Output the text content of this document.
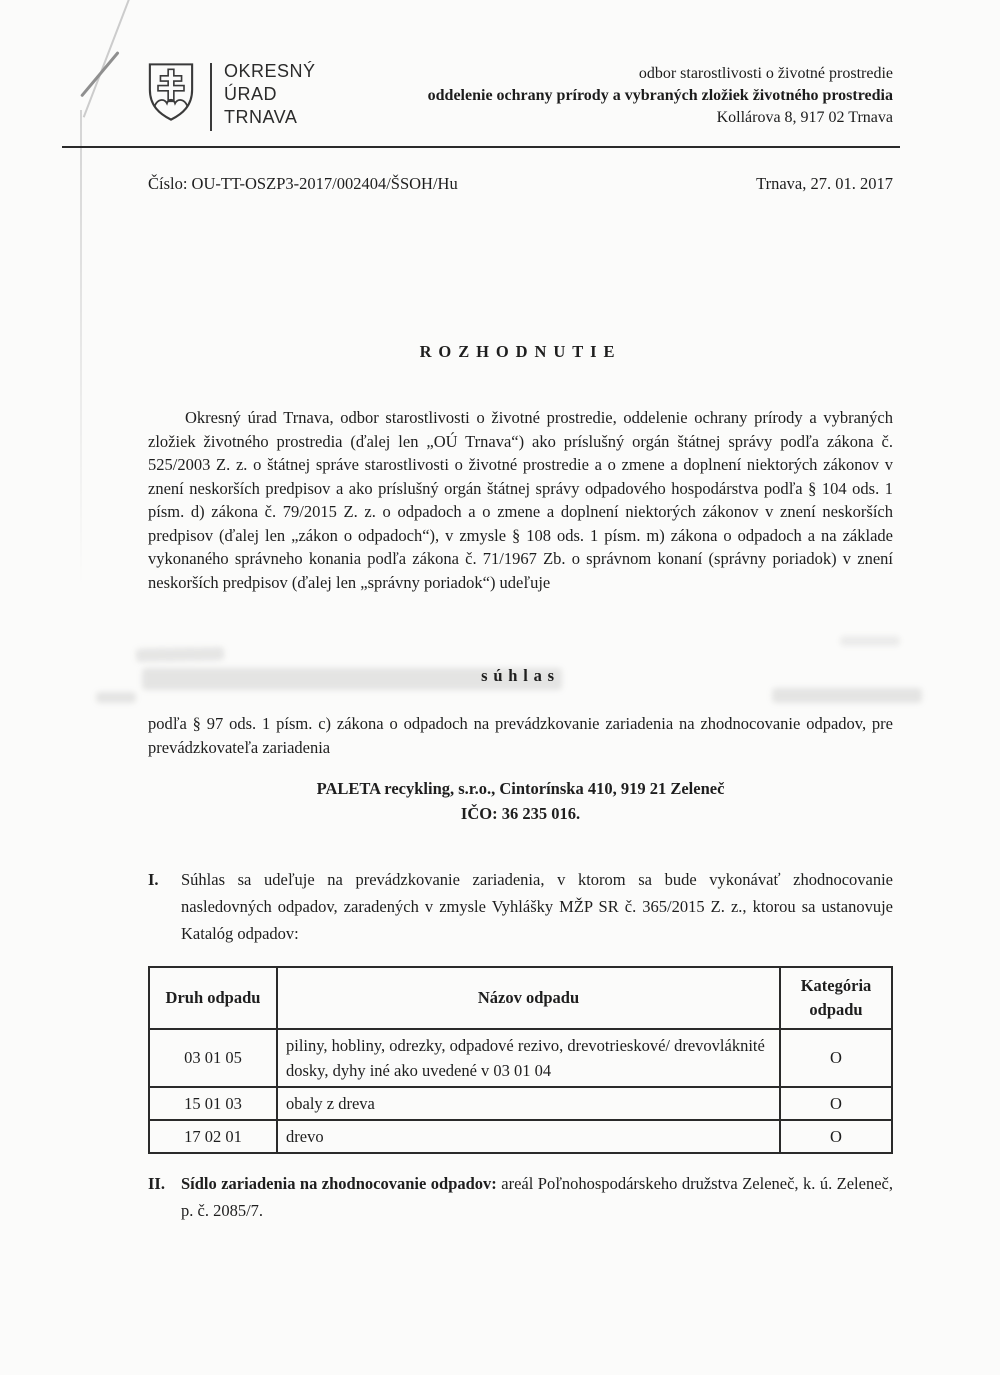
OKRESNÝ
ÚRAD
TRNAVA
odbor starostlivosti o životné prostredie
oddelenie ochrany prírody a vybraných zložiek životného prostredia
Kollárova 8, 917 02 Trnava
Číslo: OU-TT-OSZP3-2017/002404/ŠSOH/Hu	Trnava, 27. 01. 2017
ROZHODNUTIE
Okresný úrad Trnava, odbor starostlivosti o životné prostredie, oddelenie ochrany prírody a vybraných zložiek životného prostredia (ďalej len „OÚ Trnava“) ako príslušný orgán štátnej správy podľa zákona č. 525/2003 Z. z. o štátnej správe starostlivosti o životné prostredie a o zmene a doplnení niektorých zákonov v znení neskorších predpisov a ako príslušný orgán štátnej správy odpadového hospodárstva podľa § 104 ods. 1 písm. d) zákona č. 79/2015 Z. z. o odpadoch a o zmene a doplnení niektorých zákonov v znení neskorších predpisov (ďalej len „zákon o odpadoch“), v zmysle § 108 ods. 1 písm. m) zákona o odpadoch a na základe vykonaného správneho konania podľa zákona č. 71/1967 Zb. o správnom konaní (správny poriadok) v znení neskorších predpisov (ďalej len „správny poriadok“) udeľuje
súhlas
podľa § 97 ods. 1 písm. c) zákona o odpadoch na prevádzkovanie zariadenia na zhodnocovanie odpadov, pre prevádzkovateľa zariadenia
PALETA recykling, s.r.o., Cintorínska 410, 919 21 Zeleneč
IČO: 36 235 016.
I.	Súhlas sa udeľuje na prevádzkovanie zariadenia, v ktorom sa bude vykonávať zhodnocovanie nasledovných odpadov, zaradených v zmysle Vyhlášky MŽP SR č. 365/2015 Z. z., ktorou sa ustanovuje Katalóg odpadov:
Druh odpadu	Názov odpadu	Kategória odpadu
03 01 05	piliny, hobliny, odrezky, odpadové rezivo, drevotrieskové/ drevovláknité dosky, dyhy iné ako uvedené v 03 01 04	O
15 01 03	obaly z dreva	O
17 02 01	drevo	O
II. Sídlo zariadenia na zhodnocovanie odpadov: areál Poľnohospodárskeho družstva Zeleneč, k. ú. Zeleneč, p. č. 2085/7.
